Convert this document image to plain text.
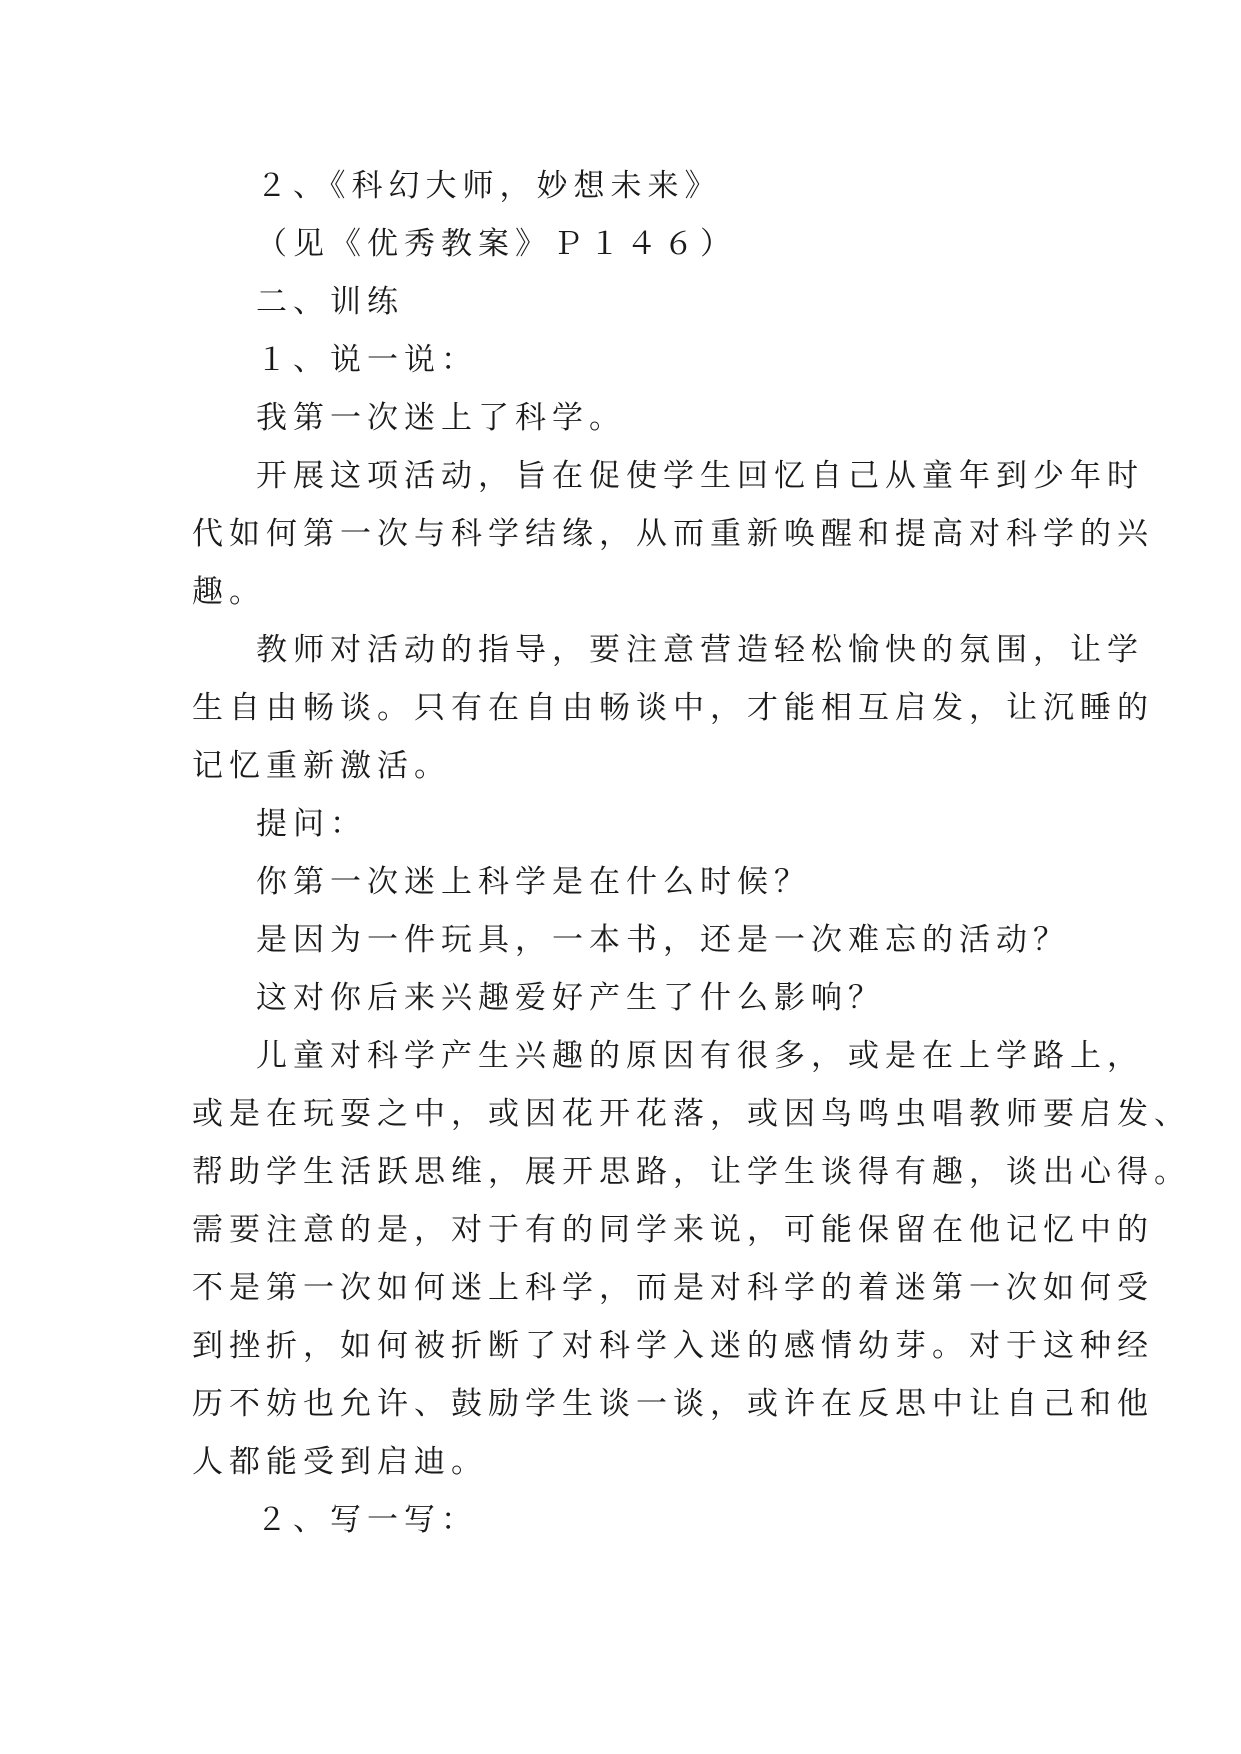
２、《科幻大师，妙想未来》
（见《优秀教案》Ｐ１４６）
二、训练
１、说一说：
我第一次迷上了科学。
开展这项活动，旨在促使学生回忆自己从童年到少年时
代如何第一次与科学结缘，从而重新唤醒和提高对科学的兴
趣。
教师对活动的指导，要注意营造轻松愉快的氛围，让学
生自由畅谈。只有在自由畅谈中，才能相互启发，让沉睡的
记忆重新激活。
提问：
你第一次迷上科学是在什么时候？
是因为一件玩具，一本书，还是一次难忘的活动？
这对你后来兴趣爱好产生了什么影响？
儿童对科学产生兴趣的原因有很多，或是在上学路上，
或是在玩耍之中，或因花开花落，或因鸟鸣虫唱教师要启发、
帮助学生活跃思维，展开思路，让学生谈得有趣，谈出心得。
需要注意的是，对于有的同学来说，可能保留在他记忆中的
不是第一次如何迷上科学，而是对科学的着迷第一次如何受
到挫折，如何被折断了对科学入迷的感情幼芽。对于这种经
历不妨也允许、鼓励学生谈一谈，或许在反思中让自己和他
人都能受到启迪。
２、写一写：
